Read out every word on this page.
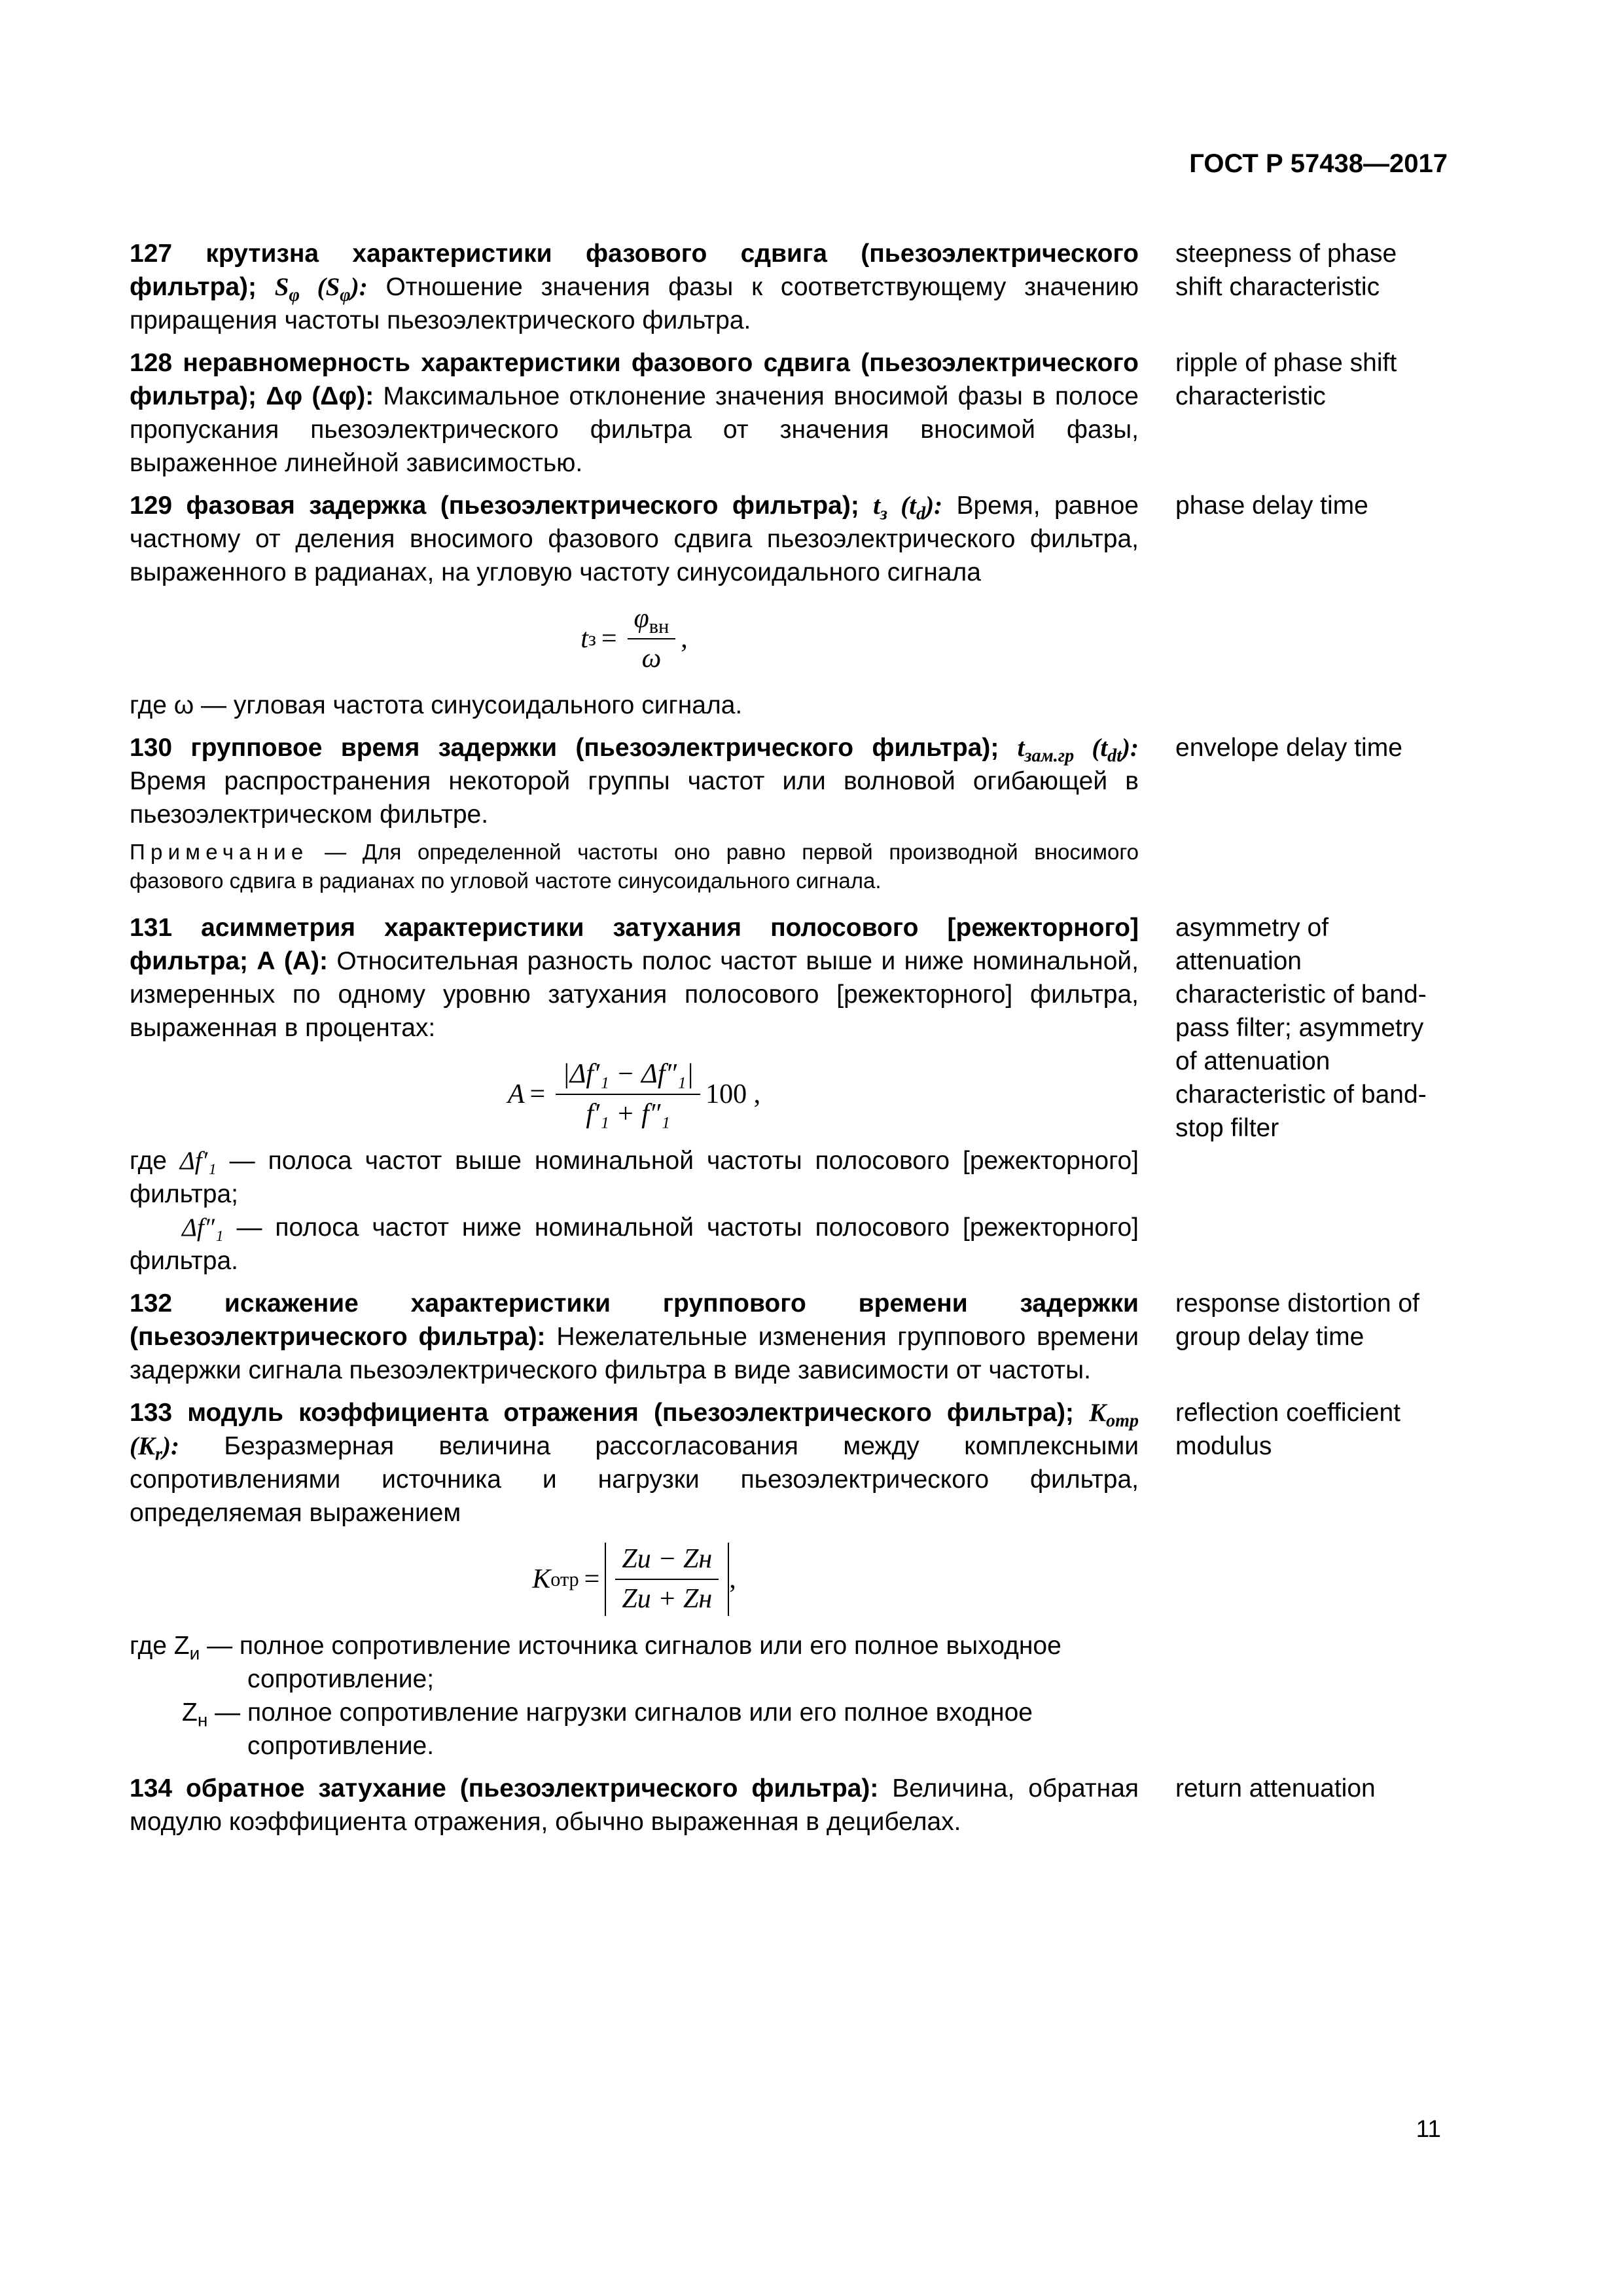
ГОСТ Р 57438—2017
127 крутизна характеристики фазового сдвига (пьезоэлектрического фильтра); $S_\varphi$ $(S_\varphi)$: Отношение значения фазы к соответствующему значению приращения частоты пьезоэлектрического фильтра.
steepness of phase shift characteristic
128 неравномерность характеристики фазового сдвига (пьезоэлектрического фильтра); Δφ (Δφ): Максимальное отклонение значения вносимой фазы в полосе пропускания пьезоэлектрического фильтра от значения вносимой фазы, выраженное линейной зависимостью.
ripple of phase shift characteristic
129 фазовая задержка (пьезоэлектрического фильтра); $t_з$ $(t_d)$: Время, равное частному от деления вносимого фазового сдвига пьезоэлектрического фильтра, выраженного в радианах, на угловую частоту синусоидального сигнала
phase delay time
t $з = \frac{\varphi_{вн}}{\omega}$ ,
где ω — угловая частота синусоидального сигнала.
130 групповое время задержки (пьезоэлектрического фильтра); $t_{зам.гр}$ $(t_{dt})$: Время распространения некоторой группы частот или волновой огибающей в пьезоэлектрическом фильтре.
envelope delay time
Примечание — Для определенной частоты оно равно первой производной вносимого фазового сдвига в радианах по угловой частоте синусоидального сигнала.
131 асимметрия характеристики затухания полосового [режекторного] фильтра; А (А): Относительная разность полос частот выше и ниже номинальной, измеренных по одному уровню затухания полосового [режекторного] фильтра, выраженная в процентах:
$A = \frac{\text{|Δf′₁ − Δf″₁|}}{\text{f′₁ + f″₁}} 100$ ,
где Δf′₁ — полоса частот выше номинальной частоты полосового [режекторного] фильтра;
Δf″₁ — полоса частот ниже номинальной частоты полосового [режекторного] фильтра.
asymmetry of attenuation characteristic of band-pass filter; asymmetry of attenuation characteristic of band-stop filter
132 искажение характеристики группового времени задержки (пьезоэлектрического фильтра): Нежелательные изменения группового времени задержки сигнала пьезоэлектрического фильтра в виде зависимости от частоты.
response distortion of group delay time
133 модуль коэффициента отражения (пьезоэлектрического фильтра); $K_{отр}$ $(K_r)$: Безразмерная величина рассогласования между комплексными сопротивлениями источника и нагрузки пьезоэлектрического фильтра, определяемая выражением
reflection coefficient modulus
K отр = $\frac{Zи - Zн}{Zи + Zн}$ ,
где $Z_и$ — полное сопротивление источника сигналов или его полное выходное
сопротивление;
$Z_н$ — полное сопротивление нагрузки сигналов или его полное входное
сопротивление.
134 обратное затухание (пьезоэлектрического фильтра): Величина, обратная модулю коэффициента отражения, обычно выраженная в децибелах.
return attenuation
11
